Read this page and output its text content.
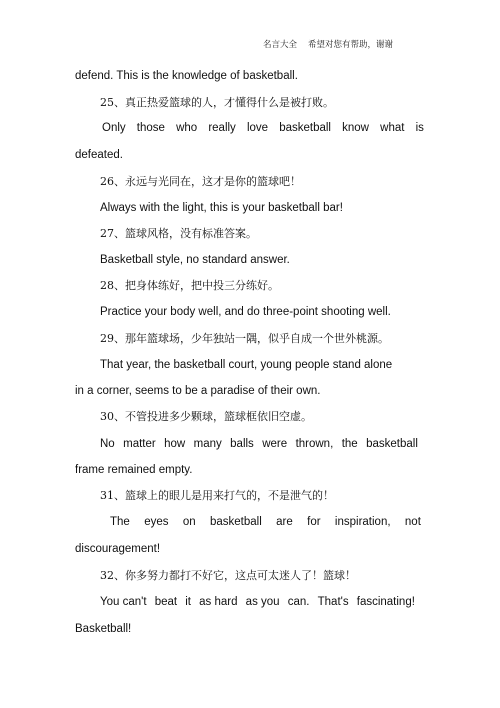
名言大全 希望对您有帮助，谢谢
defend. This is the knowledge of basketball.
25、真正热爱篮球的人，才懂得什么是被打败。
Only those who really love basketball know what is
defeated.
26、永远与光同在，这才是你的篮球吧！
Always with the light, this is your basketball bar!
27、篮球风格，没有标准答案。
Basketball style, no standard answer.
28、把身体练好，把中投三分练好。
Practice your body well, and do three-point shooting well.
29、那年篮球场，少年独站一隅，似乎自成一个世外桃源。
That year, the basketball court, young people stand alone
in a corner, seems to be a paradise of their own.
30、不管投进多少颗球，篮球框依旧空虚。
No matter how many balls were thrown, the basketball
frame remained empty.
31、篮球上的眼儿是用来打气的，不是泄气的！
The eyes on basketball are for inspiration, not
discouragement!
32、你多努力都打不好它，这点可太迷人了！篮球！
You can't beat it as hard as you can. That's fascinating!
Basketball!
